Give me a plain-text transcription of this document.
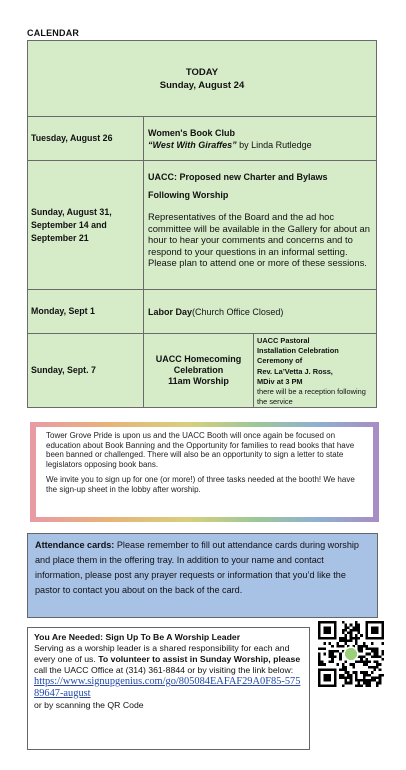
CALENDAR
TODAY
Sunday, August 24
Tuesday, August 26
Women's Book Club
“West With Giraffes” by Linda Rutledge
Sunday, August 31, September 14 and September 21
UACC: Proposed new Charter and Bylaws
Following Worship
Representatives of the Board and the ad hoc committee will be available in the Gallery for about an hour to hear your comments and concerns and to respond to your questions in an informal setting. Please plan to attend one or more of these sessions.
Monday, Sept 1	Labor Day (Church Office Closed)
Sunday, Sept. 7
UACC Homecoming
Celebration
11am Worship
UACC Pastoral
Installation Celebration
Ceremony of
Rev. La’Vetta J. Ross,
MDiv at 3 PM
there will be a reception following the service
Tower Grove Pride is upon us and the UACC Booth will once again be focused on education about Book Banning and the Opportunity for families to read books that have been banned or challenged. There will also be an opportunity to sign a letter to state legislators opposing book bans.
We invite you to sign up for one (or more!) of three tasks needed at the booth! We have the sign-up sheet in the lobby after worship.
Attendance cards: Please remember to fill out attendance cards during worship and place them in the offering tray. In addition to your name and contact information, please post any prayer requests or information that you’d like the pastor to contact you about on the back of the card.
You Are Needed: Sign Up To Be A Worship Leader
Serving as a worship leader is a shared responsibility for each and every one of us. To volunteer to assist in Sunday Worship, please call the UACC Office at (314) 361-8844 or by visiting the link below:
https://www.signupgenius.com/go/805084EAFAF29A0F85-57589647-august
or by scanning the QR Code
